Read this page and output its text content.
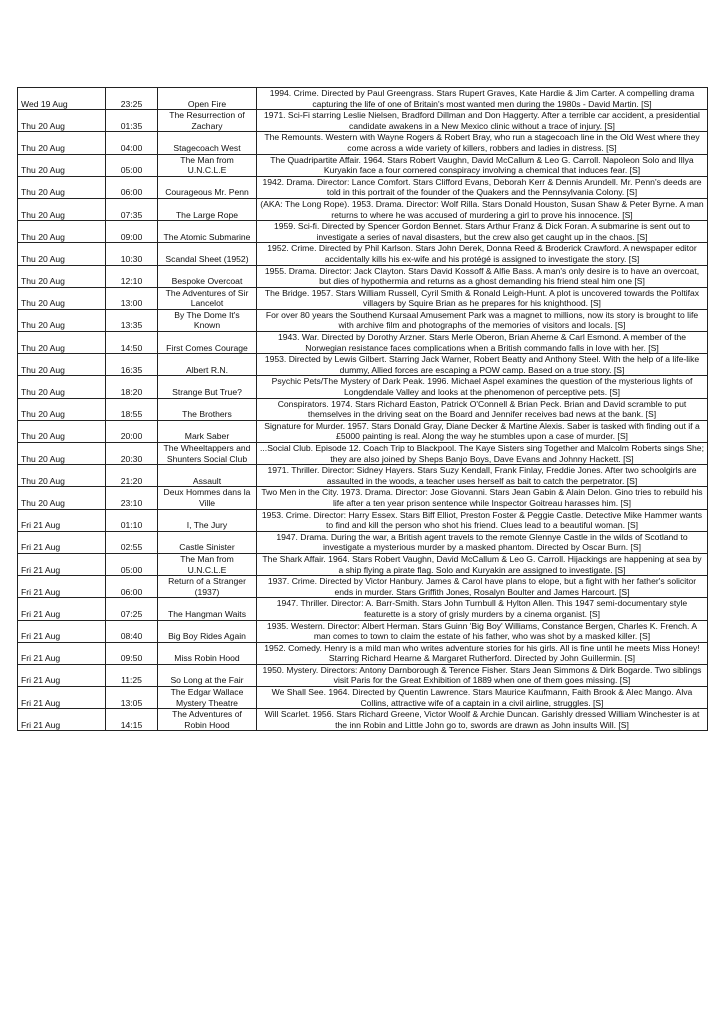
Wed 19 Aug	23:25	Open Fire	1994. Crime. Directed by Paul Greengrass. Stars Rupert Graves, Kate Hardie & Jim Carter. A compelling drama capturing the life of one of Britain's most wanted men during the 1980s - David Martin. [S]
Thu 20 Aug	01:35	The Resurrection of Zachary	1971. Sci-Fi starring Leslie Nielsen, Bradford Dillman and Don Haggerty. After a terrible car accident, a presidential candidate awakens in a New Mexico clinic without a trace of injury. [S]
Thu 20 Aug	04:00	Stagecoach West	The Remounts. Western with Wayne Rogers & Robert Bray, who run a stagecoach line in the Old West where they come across a wide variety of killers, robbers and ladies in distress. [S]
Thu 20 Aug	05:00	The Man from U.N.C.L.E	The Quadripartite Affair. 1964. Stars Robert Vaughn, David McCallum & Leo G. Carroll. Napoleon Solo and Illya Kuryakin face a four cornered conspiracy involving a chemical that induces fear. [S]
Thu 20 Aug	06:00	Courageous Mr. Penn	1942. Drama. Director: Lance Comfort. Stars Clifford Evans, Deborah Kerr & Dennis Arundell. Mr. Penn's deeds are told in this portrait of the founder of the Quakers and the Pennsylvania Colony. [S]
Thu 20 Aug	07:35	The Large Rope	(AKA: The Long Rope). 1953. Drama. Director: Wolf Rilla. Stars Donald Houston, Susan Shaw & Peter Byrne. A man returns to where he was accused of murdering a girl to prove his innocence. [S]
Thu 20 Aug	09:00	The Atomic Submarine	1959. Sci-fi. Directed by Spencer Gordon Bennet. Stars Arthur Franz & Dick Foran. A submarine is sent out to investigate a series of naval disasters, but the crew also get caught up in the chaos. [S]
Thu 20 Aug	10:30	Scandal Sheet (1952)	1952. Crime. Directed by Phil Karlson. Stars John Derek, Donna Reed & Broderick Crawford. A newspaper editor accidentally kills his ex-wife and his protégé is assigned to investigate the story. [S]
Thu 20 Aug	12:10	Bespoke Overcoat	1955. Drama. Director: Jack Clayton. Stars David Kossoff & Alfie Bass. A man's only desire is to have an overcoat, but dies of hypothermia and returns as a ghost demanding his friend steal him one [S]
Thu 20 Aug	13:00	The Adventures of Sir Lancelot	The Bridge. 1957. Stars William Russell, Cyril Smith & Ronald Leigh-Hunt. A plot is uncovered towards the Poltifax villagers by Squire Brian as he prepares for his knighthood. [S]
Thu 20 Aug	13:35	By The Dome It's Known	For over 80 years the Southend Kursaal Amusement Park was a magnet to millions, now its story is brought to life with archive film and photographs of the memories of visitors and locals. [S]
Thu 20 Aug	14:50	First Comes Courage	1943. War. Directed by Dorothy Arzner. Stars Merle Oberon, Brian Aherne & Carl Esmond. A member of the Norwegian resistance faces complications when a British commando falls in love with her. [S]
Thu 20 Aug	16:35	Albert R.N.	1953. Directed by Lewis Gilbert. Starring Jack Warner, Robert Beatty and Anthony Steel. With the help of a life-like dummy, Allied forces are escaping a POW camp. Based on a true story. [S]
Thu 20 Aug	18:20	Strange But True?	Psychic Pets/The Mystery of Dark Peak. 1996. Michael Aspel examines the question of the mysterious lights of Longdendale Valley and looks at the phenomenon of perceptive pets. [S]
Thu 20 Aug	18:55	The Brothers	Conspirators. 1974. Stars Richard Easton, Patrick O'Connell & Brian Peck. Brian and David scramble to put themselves in the driving seat on the Board and Jennifer receives bad news at the bank. [S]
Thu 20 Aug	20:00	Mark Saber	Signature for Murder. 1957. Stars Donald Gray, Diane Decker & Martine Alexis. Saber is tasked with finding out if a £5000 painting is real. Along the way he stumbles upon a case of murder. [S]
Thu 20 Aug	20:30	The Wheeltappers and Shunters Social Club	...Social Club. Episode 12. Coach Trip to Blackpool. The Kaye Sisters sing Together and Malcolm Roberts sings She; they are also joined by Sheps Banjo Boys, Dave Evans and Johnny Hackett. [S]
Thu 20 Aug	21:20	Assault	1971. Thriller. Director: Sidney Hayers. Stars Suzy Kendall, Frank Finlay, Freddie Jones. After two schoolgirls are assaulted in the woods, a teacher uses herself as bait to catch the perpetrator. [S]
Thu 20 Aug	23:10	Deux Hommes dans la Ville	Two Men in the City. 1973. Drama. Director: Jose Giovanni. Stars Jean Gabin & Alain Delon. Gino tries to rebuild his life after a ten year prison sentence while Inspector Goitreau harasses him. [S]
Fri 21 Aug	01:10	I, The Jury	1953. Crime. Director: Harry Essex. Stars Biff Elliot, Preston Foster & Peggie Castle. Detective Mike Hammer wants to find and kill the person who shot his friend. Clues lead to a beautiful woman. [S]
Fri 21 Aug	02:55	Castle Sinister	1947. Drama. During the war, a British agent travels to the remote Glennye Castle in the wilds of Scotland to investigate a mysterious murder by a masked phantom. Directed by Oscar Burn. [S]
Fri 21 Aug	05:00	The Man from U.N.C.L.E	The Shark Affair. 1964. Stars Robert Vaughn, David McCallum & Leo G. Carroll. Hijackings are happening at sea by a ship flying a pirate flag. Solo and Kuryakin are assigned to investigate. [S]
Fri 21 Aug	06:00	Return of a Stranger (1937)	1937. Crime. Directed by Victor Hanbury. James & Carol have plans to elope, but a fight with her father's solicitor ends in murder. Stars Griffith Jones, Rosalyn Boulter and James Harcourt. [S]
Fri 21 Aug	07:25	The Hangman Waits	1947. Thriller. Director: A. Barr-Smith. Stars John Turnbull & Hylton Allen. This 1947 semi-documentary style featurette is a story of grisly murders by a cinema organist. [S]
Fri 21 Aug	08:40	Big Boy Rides Again	1935. Western. Director: Albert Herman. Stars Guinn 'Big Boy' Williams, Constance Bergen, Charles K. French. A man comes to town to claim the estate of his father, who was shot by a masked killer. [S]
Fri 21 Aug	09:50	Miss Robin Hood	1952. Comedy. Henry is a mild man who writes adventure stories for his girls. All is fine until he meets Miss Honey! Starring Richard Hearne & Margaret Rutherford. Directed by John Guillermin. [S]
Fri 21 Aug	11:25	So Long at the Fair	1950. Mystery. Directors: Antony Darnborough & Terence Fisher. Stars Jean Simmons & Dirk Bogarde. Two siblings visit Paris for the Great Exhibition of 1889 when one of them goes missing. [S]
Fri 21 Aug	13:05	The Edgar Wallace Mystery Theatre	We Shall See. 1964. Directed by Quentin Lawrence. Stars Maurice Kaufmann, Faith Brook & Alec Mango. Alva Collins, attractive wife of a captain in a civil airline, struggles. [S]
Fri 21 Aug	14:15	The Adventures of Robin Hood	Will Scarlet. 1956. Stars Richard Greene, Victor Woolf & Archie Duncan. Garishly dressed William Winchester is at the inn Robin and Little John go to, swords are drawn as John insults Will. [S]
